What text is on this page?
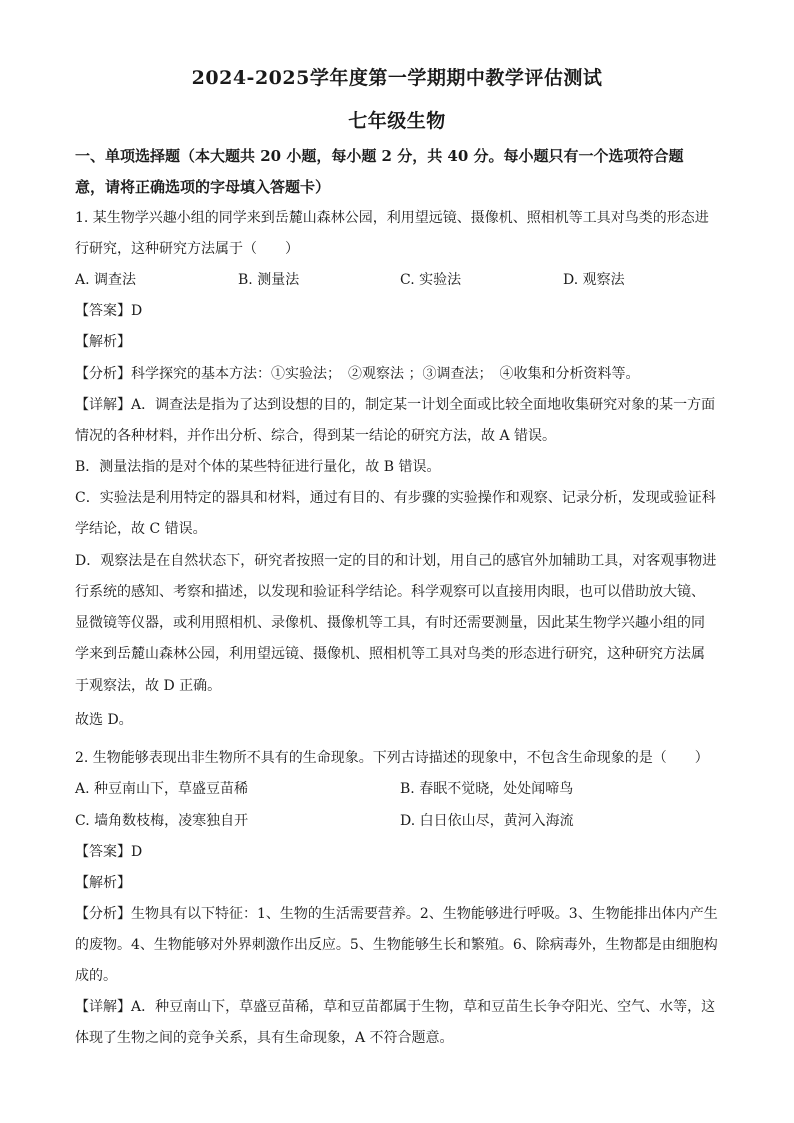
2024-2025学年度第一学期期中教学评估测试
七年级生物
一、单项选择题（本大题共 20 小题，每小题 2 分，共 40 分。每小题只有一个选项符合题
意，请将正确选项的字母填入答题卡）
1. 某生物学兴趣小组的同学来到岳麓山森林公园，利用望远镜、摄像机、照相机等工具对鸟类的形态进
行研究，这种研究方法属于（　　）
A. 调查法	B. 测量法	C. 实验法	D. 观察法
【答案】D
【解析】
【分析】科学探究的基本方法：①实验法；　②观察法 ；③调查法；　④收集和分析资料等。
【详解】A．调查法是指为了达到设想的目的，制定某一计划全面或比较全面地收集研究对象的某一方面
情况的各种材料，并作出分析、综合，得到某一结论的研究方法，故 A 错误。
B．测量法指的是对个体的某些特征进行量化，故 B 错误。
C．实验法是利用特定的器具和材料，通过有目的、有步骤的实验操作和观察、记录分析，发现或验证科
学结论，故 C 错误。
D．观察法是在自然状态下，研究者按照一定的目的和计划，用自己的感官外加辅助工具，对客观事物进
行系统的感知、考察和描述，以发现和验证科学结论。科学观察可以直接用肉眼，也可以借助放大镜、
显微镜等仪器，或利用照相机、录像机、摄像机等工具，有时还需要测量，因此某生物学兴趣小组的同
学来到岳麓山森林公园，利用望远镜、摄像机、照相机等工具对鸟类的形态进行研究，这种研究方法属
于观察法，故 D 正确。
故选 D。
2. 生物能够表现出非生物所不具有的生命现象。下列古诗描述的现象中，不包含生命现象的是（　　）
A. 种豆南山下，草盛豆苗稀	B. 春眠不觉晓，处处闻啼鸟
C. 墙角数枝梅，凌寒独自开	D. 白日依山尽，黄河入海流
【答案】D
【解析】
【分析】生物具有以下特征：1、生物的生活需要营养。2、生物能够进行呼吸。3、生物能排出体内产生
的废物。4、生物能够对外界刺激作出反应。5、生物能够生长和繁殖。6、除病毒外，生物都是由细胞构
成的。
【详解】A．种豆南山下，草盛豆苗稀，草和豆苗都属于生物，草和豆苗生长争夺阳光、空气、水等，这
体现了生物之间的竞争关系，具有生命现象，A 不符合题意。
